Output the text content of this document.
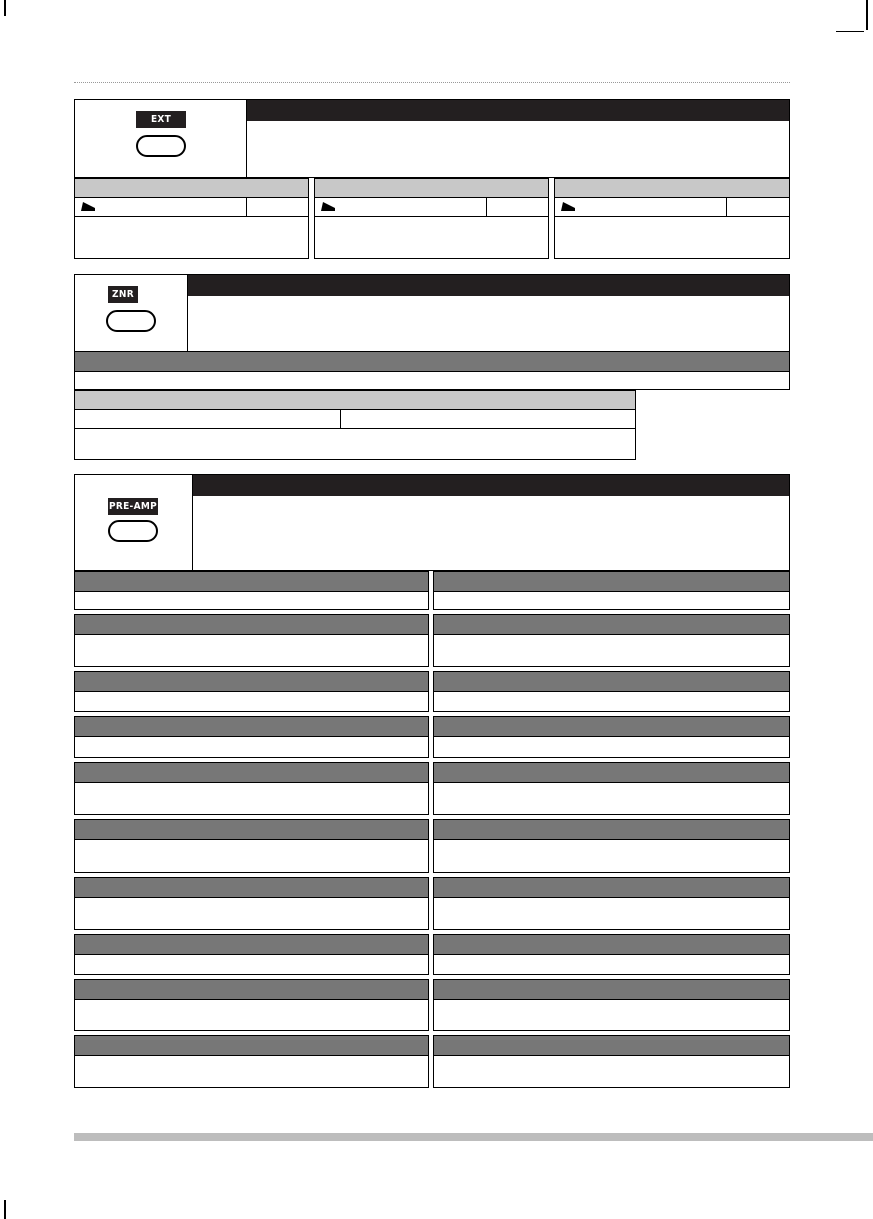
EXT
ZNR
PRE-AMP
